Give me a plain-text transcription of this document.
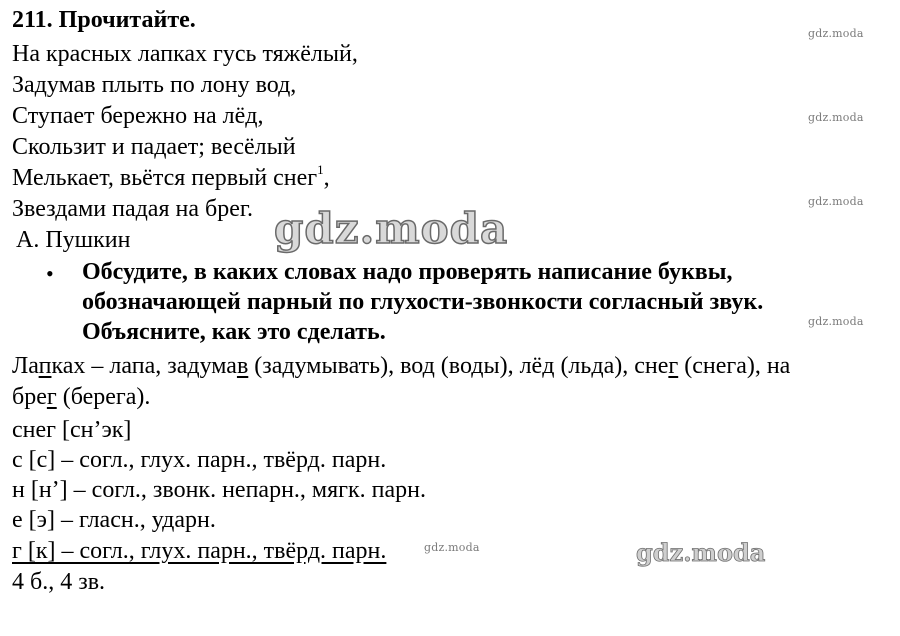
211. Прочитайте.
На красных лапках гусь тяжёлый,
Задумав плыть по лону вод,
Ступает бережно на лёд,
Скользит и падает; весёлый
Мелькает, вьётся первый снег$^1$,
Звездами падая на брег.
А. Пушкин
• Обсудите, в каких словах надо проверять написание буквы,
обозначающей парный по глухости-звонкости согласный звук.
Объясните, как это сделать.
Лапках – лапа, задумав (задумывать), вод (воды), лёд (льда), снег (снега), на
брег (берега).
снег [сн’эк]
с [с] – согл., глух. парн., твёрд. парн.
н [н’] – согл., звонк. непарн., мягк. парн.
е [э] – гласн., ударн.
г [к] – согл., глух. парн., твёрд. парн.
4 б., 4 зв.
gdz.moda
gdz.moda
gdz.moda
gdz.moda
gdz.moda
gdz.moda
gdz.moda
